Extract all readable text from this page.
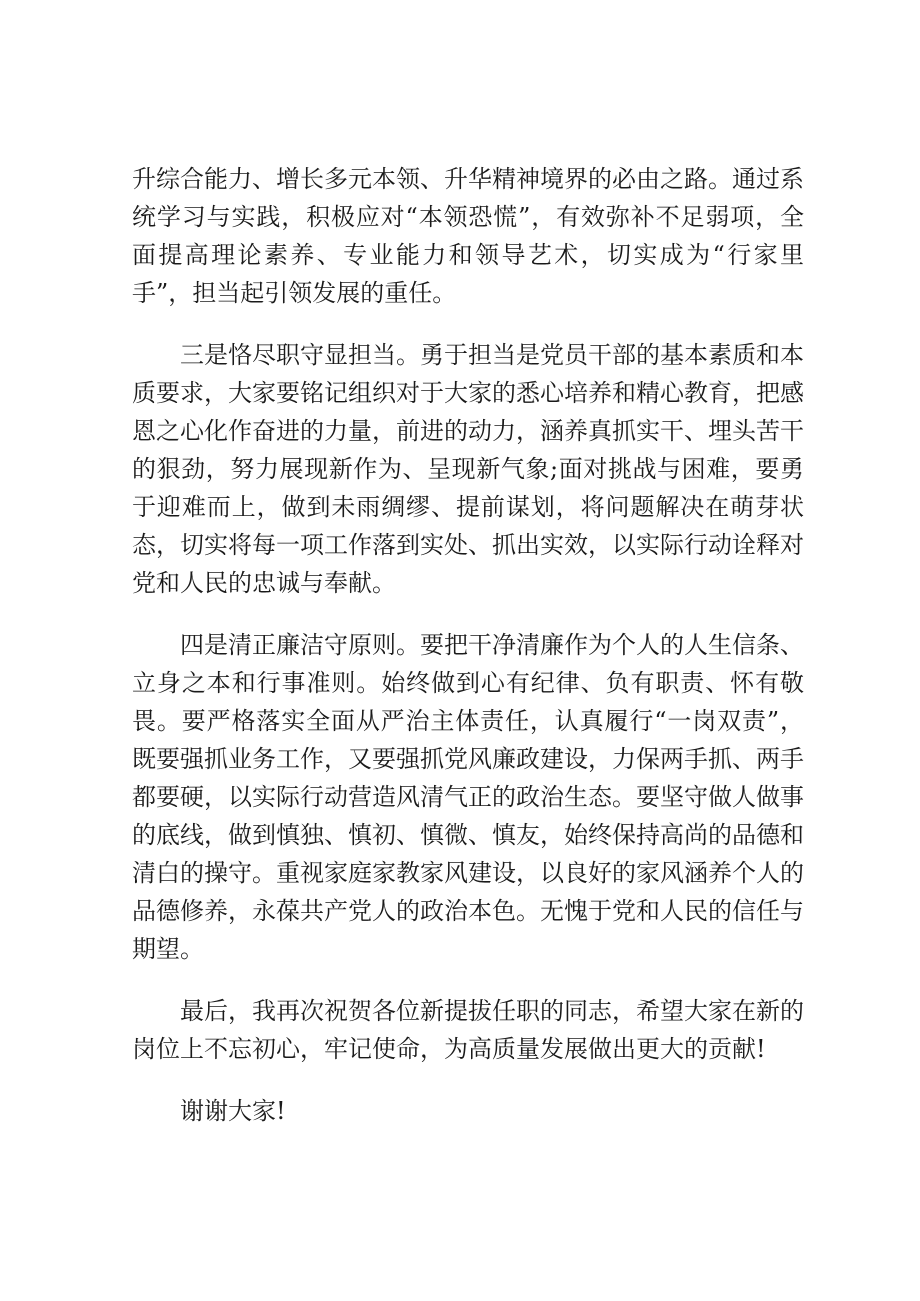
升综合能力、增长多元本领、升华精神境界的必由之路。通过系统学习与实践，积极应对“本领恐慌”，有效弥补不足弱项，全面提高理论素养、专业能力和领导艺术，切实成为“行家里手”，担当起引领发展的重任。

三是恪尽职守显担当。勇于担当是党员干部的基本素质和本质要求，大家要铭记组织对于大家的悉心培养和精心教育，把感恩之心化作奋进的力量，前进的动力，涵养真抓实干、埋头苦干的狠劲，努力展现新作为、呈现新气象;面对挑战与困难，要勇于迎难而上，做到未雨绸缪、提前谋划，将问题解决在萌芽状态，切实将每一项工作落到实处、抓出实效，以实际行动诠释对党和人民的忠诚与奉献。

四是清正廉洁守原则。要把干净清廉作为个人的人生信条、立身之本和行事准则。始终做到心有纪律、负有职责、怀有敬畏。要严格落实全面从严治主体责任，认真履行“一岗双责”，既要强抓业务工作，又要强抓党风廉政建设，力保两手抓、两手都要硬，以实际行动营造风清气正的政治生态。要坚守做人做事的底线，做到慎独、慎初、慎微、慎友，始终保持高尚的品德和清白的操守。重视家庭家教家风建设，以良好的家风涵养个人的品德修养，永葆共产党人的政治本色。无愧于党和人民的信任与期望。

最后，我再次祝贺各位新提拔任职的同志，希望大家在新的岗位上不忘初心，牢记使命，为高质量发展做出更大的贡献!

谢谢大家!
